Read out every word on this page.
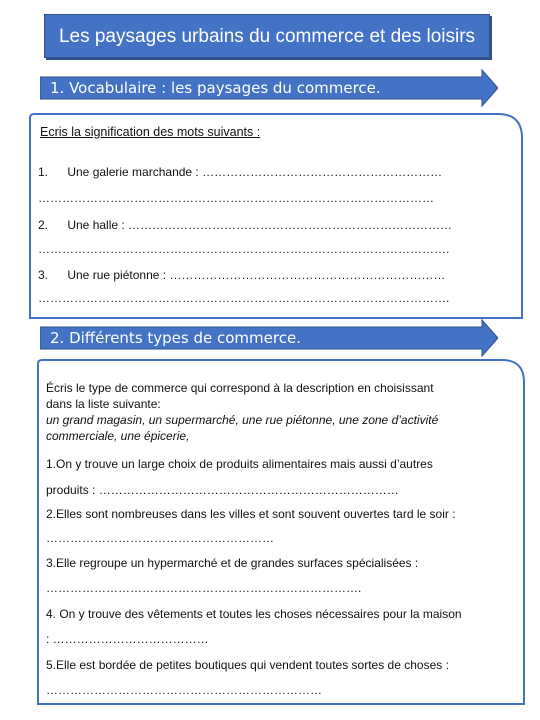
Les paysages urbains du commerce et des loisirs
1. Vocabulaire : les paysages du commerce.
Ecris la signification des mots suivants :
1. Une galerie marchande : ……………………………………………………
………………………………………………………………………………………
2. Une halle : ………………………………………………………………………
………………………………………………………………………………………….
3. Une rue piétonne : ……………………………………………………………
………………………………………………………………………………………….
2. Différents types de commerce.
Écris le type de commerce qui correspond à la description en choisissant
dans la liste suivante:
un grand magasin, un supermarché, une rue piétonne, une zone d’activité
commerciale, une épicerie,
1.On y trouve un large choix de produits alimentaires mais aussi d’autres
produits : …………………………………………………………………
2.Elles sont nombreuses dans les villes et sont souvent ouvertes tard le soir :
…………………………………………………
3.Elle regroupe un hypermarché et de grandes surfaces spécialisées :
…………………………………………………………………….
4. On y trouve des vêtements et toutes les choses nécessaires pour la maison
: …………………………………
5.Elle est bordée de petites boutiques qui vendent toutes sortes de choses :
……………………………………………………………
